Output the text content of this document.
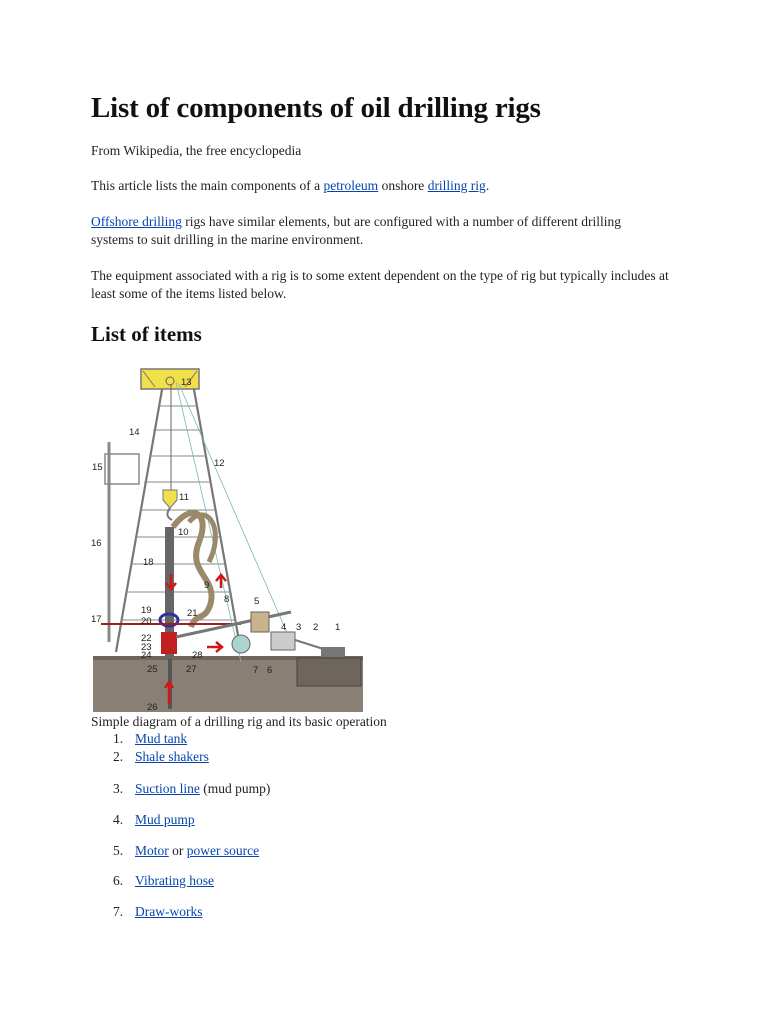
List of components of oil drilling rigs

From Wikipedia, the free encyclopedia

This article lists the main components of a petroleum onshore drilling rig.

Offshore drilling rigs have similar elements, but are configured with a number of different drilling systems to suit drilling in the marine environment.

The equipment associated with a rig is to some extent dependent on the type of rig but typically includes at least some of the items listed below.

List of items
13
14
15	12
11
10
16
18
9
8	5
19	21
17	20
4 3 2 1
22
23
24	28
7 6
25	27
26
Simple diagram of a drilling rig and its basic operation
1. Mud tank
2. Shale shakers
3. Suction line (mud pump)
4. Mud pump
5. Motor or power source
6. Vibrating hose
7. Draw-works
